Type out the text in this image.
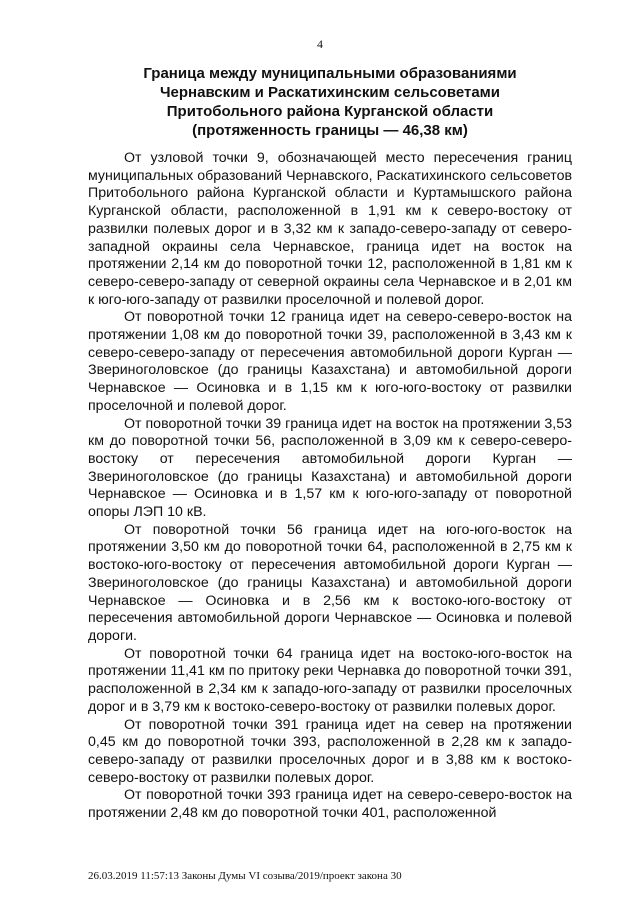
4
Граница между муниципальными образованиями
Чернавским и Раскатихинским сельсоветами
Притобольного района Курганской области
(протяженность границы — 46,38 км)

От узловой точки 9, обозначающей место пересечения границ муниципальных образований Чернавского, Раскатихинского сельсоветов Притобольного района Курганской области и Куртамышского района Курганской области, расположенной в 1,91 км к северо-востоку от развилки полевых дорог и в 3,32 км к западо-северо-западу от северо-западной окраины села Чернавское, граница идет на восток на протяжении 2,14 км до поворотной точки 12, расположенной в 1,81 км к северо-северо-западу от северной окраины села Чернавское и в 2,01 км к юго-юго-западу от развилки проселочной и полевой дорог.

От поворотной точки 12 граница идет на северо-северо-восток на протяжении 1,08 км до поворотной точки 39, расположенной в 3,43 км к северо-северо-западу от пересечения автомобильной дороги Курган — Звериноголовское (до границы Казахстана) и автомобильной дороги Чернавское — Осиновка и в 1,15 км к юго-юго-востоку от развилки проселочной и полевой дорог.

От поворотной точки 39 граница идет на восток на протяжении 3,53 км до поворотной точки 56, расположенной в 3,09 км к северо-северо-востоку от пересечения автомобильной дороги Курган — Звериноголовское (до границы Казахстана) и автомобильной дороги Чернавское — Осиновка и в 1,57 км к юго-юго-западу от поворотной опоры ЛЭП 10 кВ.

От поворотной точки 56 граница идет на юго-юго-восток на протяжении 3,50 км до поворотной точки 64, расположенной в 2,75 км к востоко-юго-востоку от пересечения автомобильной дороги Курган — Звериноголовское (до границы Казахстана) и автомобильной дороги Чернавское — Осиновка и в 2,56 км к востоко-юго-востоку от пересечения автомобильной дороги Чернавское — Осиновка и полевой дороги.

От поворотной точки 64 граница идет на востоко-юго-восток на протяжении 11,41 км по притоку реки Чернавка до поворотной точки 391, расположенной в 2,34 км к западо-юго-западу от развилки проселочных дорог и в 3,79 км к востоко-северо-востоку от развилки полевых дорог.

От поворотной точки 391 граница идет на север на протяжении 0,45 км до поворотной точки 393, расположенной в 2,28 км к западо-северо-западу от развилки проселочных дорог и в 3,88 км к востоко-северо-востоку от развилки полевых дорог.

От поворотной точки 393 граница идет на северо-северо-восток на протяжении 2,48 км до поворотной точки 401, расположенной

26.03.2019 11:57:13 Законы Думы VI созыва/2019/проект закона 30
